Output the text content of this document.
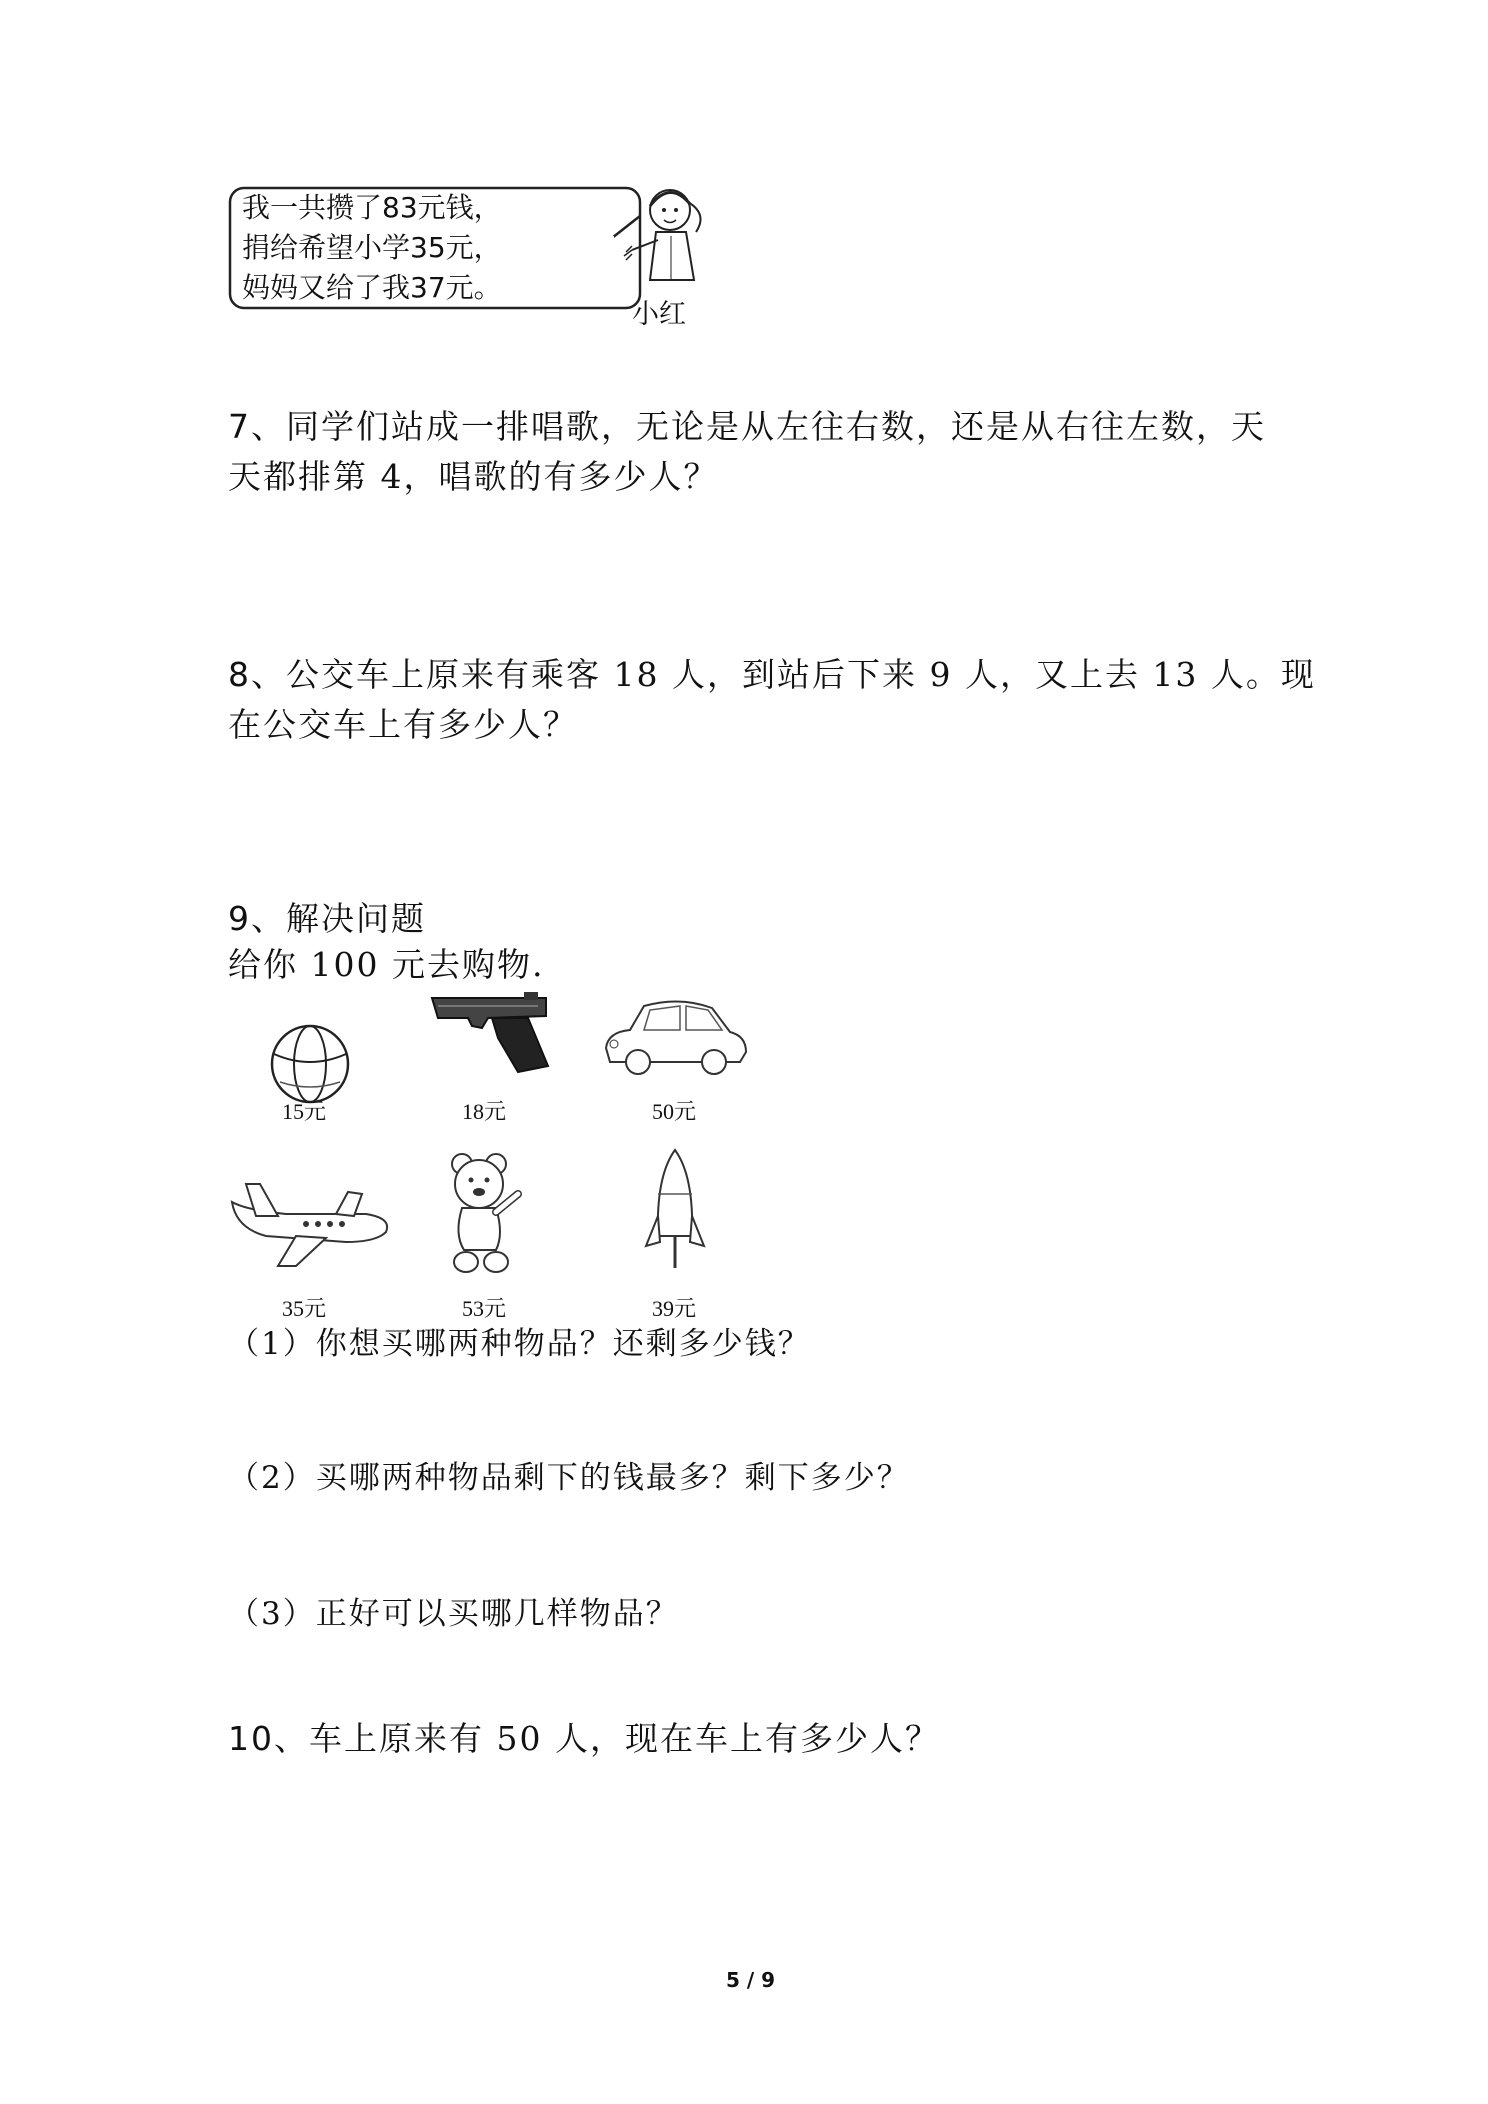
我一共攒了83元钱，
捐给希望小学35元，
妈妈又给了我37元。
小红
7、同学们站成一排唱歌，无论是从左往右数，还是从右往左数，天
天都排第 4，唱歌的有多少人？
8、公交车上原来有乘客 18 人，到站后下来 9 人，又上去 13 人。现
在公交车上有多少人？
9、解决问题
给你 100 元去购物.
15元	18元	50元
35元	53元	39元
（1）你想买哪两种物品？还剩多少钱？
（2）买哪两种物品剩下的钱最多？剩下多少？
（3）正好可以买哪几样物品？
10、车上原来有 50 人，现在车上有多少人？
5 / 9
